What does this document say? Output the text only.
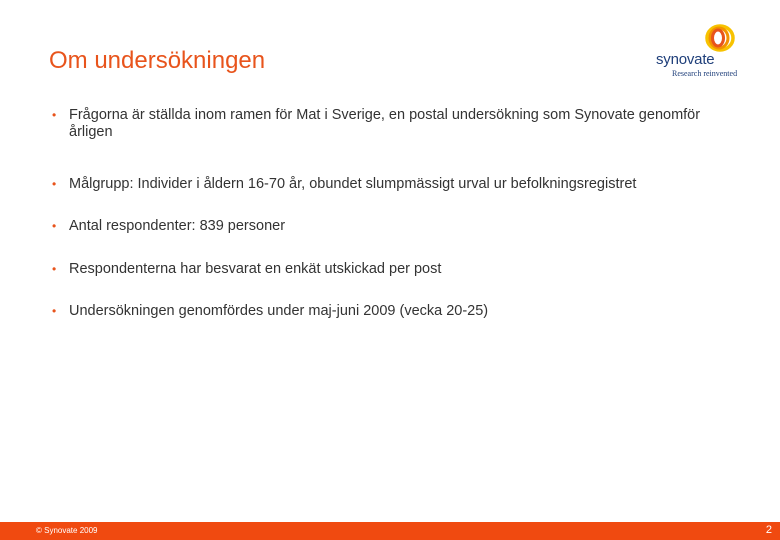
Om undersökningen	synovate
Research reinvented
• Frågorna är ställda inom ramen för Mat i Sverige, en postal undersökning som Synovate genomför årligen
• Målgrupp: Individer i åldern 16-70 år, obundet slumpmässigt urval ur befolkningsregistret
• Antal respondenter: 839 personer
• Respondenterna har besvarat en enkät utskickad per post
• Undersökningen genomfördes under maj-juni 2009 (vecka 20-25)
© Synovate 2009	2
